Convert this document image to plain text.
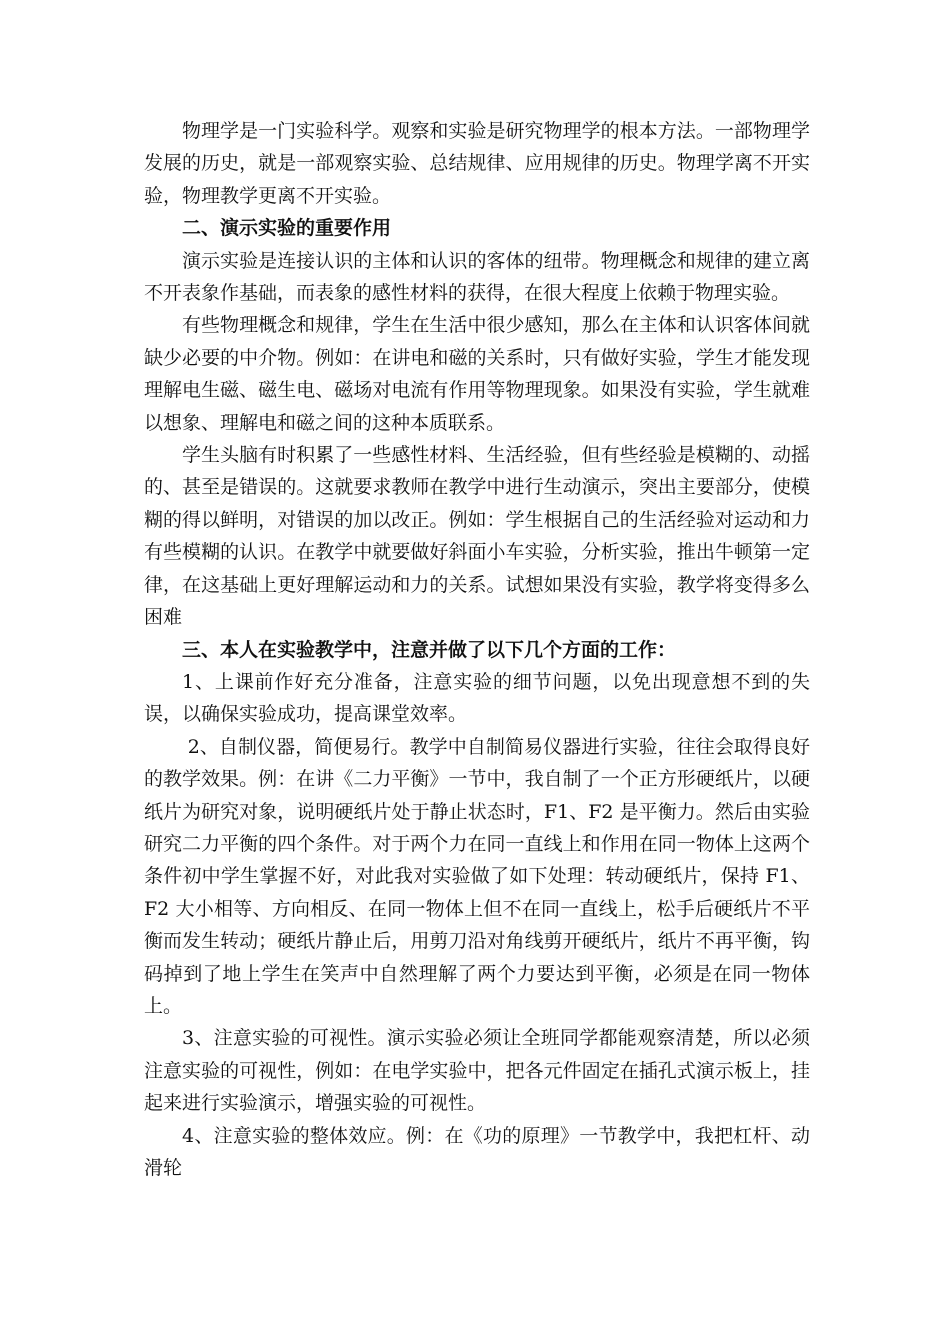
物理学是一门实验科学。观察和实验是研究物理学的根本方法。一部物理学发展的历史，就是一部观察实验、总结规律、应用规律的历史。物理学离不开实验，物理教学更离不开实验。

二、演示实验的重要作用

演示实验是连接认识的主体和认识的客体的纽带。物理概念和规律的建立离不开表象作基础，而表象的感性材料的获得，在很大程度上依赖于物理实验。

有些物理概念和规律，学生在生活中很少感知，那么在主体和认识客体间就缺少必要的中介物。例如：在讲电和磁的关系时，只有做好实验，学生才能发现理解电生磁、磁生电、磁场对电流有作用等物理现象。如果没有实验，学生就难以想象、理解电和磁之间的这种本质联系。

学生头脑有时积累了一些感性材料、生活经验，但有些经验是模糊的、动摇的、甚至是错误的。这就要求教师在教学中进行生动演示，突出主要部分，使模糊的得以鲜明，对错误的加以改正。例如：学生根据自己的生活经验对运动和力有些模糊的认识。在教学中就要做好斜面小车实验，分析实验，推出牛顿第一定律，在这基础上更好理解运动和力的关系。试想如果没有实验，教学将变得多么困难

三、本人在实验教学中，注意并做了以下几个方面的工作：

1、上课前作好充分准备，注意实验的细节问题，以免出现意想不到的失误，以确保实验成功，提高课堂效率。

2、自制仪器，简便易行。教学中自制简易仪器进行实验，往往会取得良好的教学效果。例：在讲《二力平衡》一节中，我自制了一个正方形硬纸片，以硬纸片为研究对象，说明硬纸片处于静止状态时，F1、F2 是平衡力。然后由实验研究二力平衡的四个条件。对于两个力在同一直线上和作用在同一物体上这两个条件初中学生掌握不好，对此我对实验做了如下处理：转动硬纸片，保持 F1、F2 大小相等、方向相反、在同一物体上但不在同一直线上，松手后硬纸片不平衡而发生转动；硬纸片静止后，用剪刀沿对角线剪开硬纸片，纸片不再平衡，钩码掉到了地上学生在笑声中自然理解了两个力要达到平衡，必须是在同一物体上。

3、注意实验的可视性。演示实验必须让全班同学都能观察清楚，所以必须注意实验的可视性，例如：在电学实验中，把各元件固定在插孔式演示板上，挂起来进行实验演示，增强实验的可视性。

4、注意实验的整体效应。例：在《功的原理》一节教学中，我把杠杆、动滑轮
